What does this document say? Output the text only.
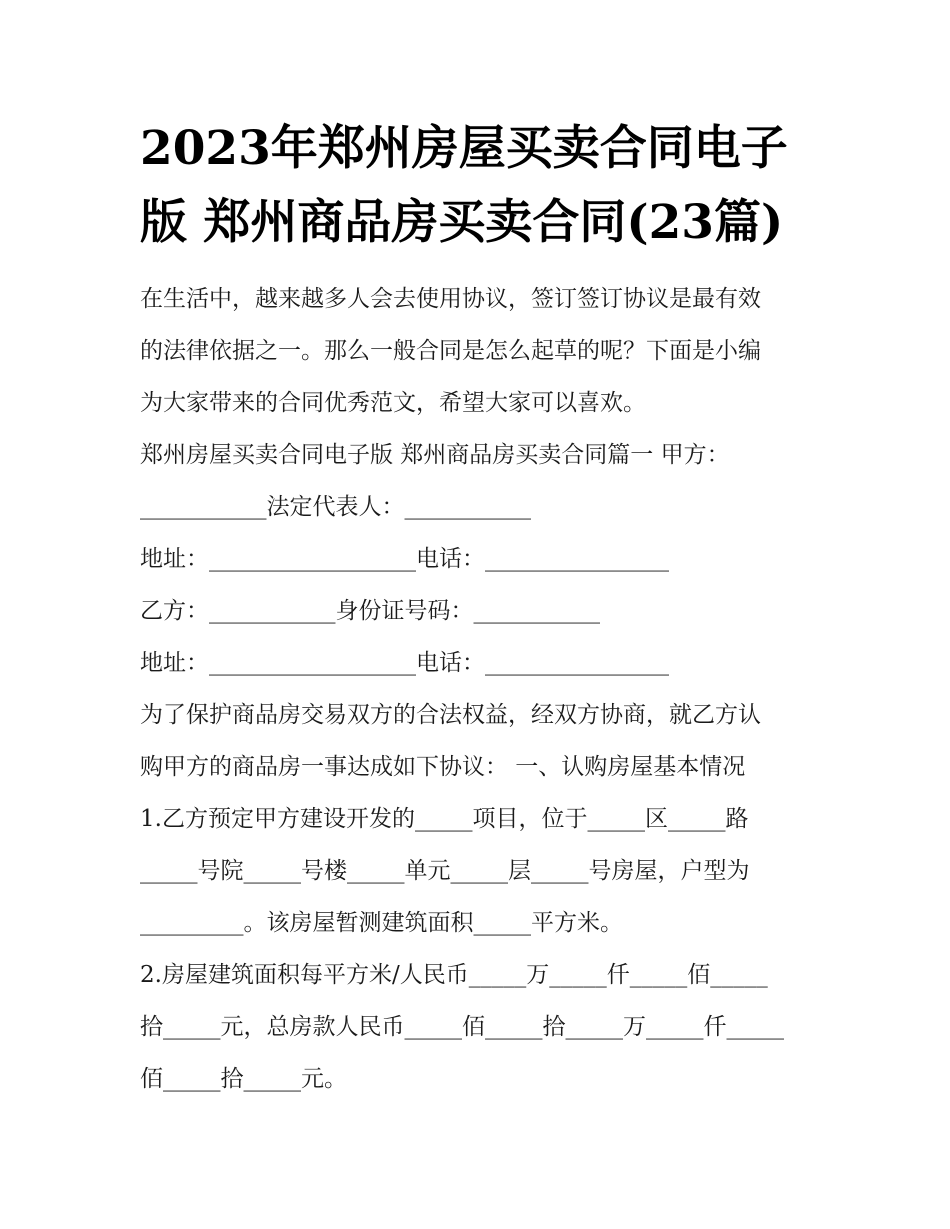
2023年郑州房屋买卖合同电子
版 郑州商品房买卖合同(23篇)
在生活中，越来越多人会去使用协议，签订签订协议是最有效
的法律依据之一。那么一般合同是怎么起草的呢？下面是小编
为大家带来的合同优秀范文，希望大家可以喜欢。
郑州房屋买卖合同电子版 郑州商品房买卖合同篇一 甲方：
___________法定代表人：___________
地址：__________________电话：________________
乙方：___________身份证号码：___________
地址：__________________电话：________________
为了保护商品房交易双方的合法权益，经双方协商，就乙方认
购甲方的商品房一事达成如下协议： 一、认购房屋基本情况
1.乙方预定甲方建设开发的_____项目，位于_____区_____路
_____号院_____号楼_____单元_____层_____号房屋，户型为
_________。该房屋暂测建筑面积_____平方米。
2.房屋建筑面积每平方米/人民币_____万_____仟_____佰_____
拾_____元，总房款人民币_____佰_____拾_____万_____仟_____
佰_____拾_____元。
